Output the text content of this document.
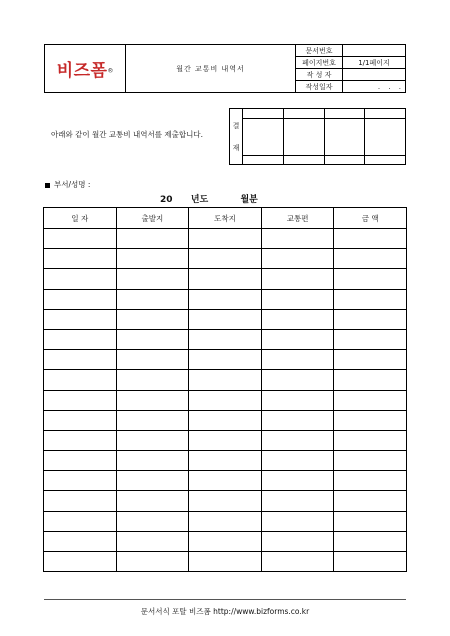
비즈폼®	월간 교통비 내역서	문서번호	
		페이지번호	1/1페이지
		작 성 자	
		작성일자	. . .
아래와 같이 월간 교통비 내역서를 제출합니다.
결
재				

부서/성명 :
20 년도	월분
일 자	출발지	도착지	교통편	금 액

문서서식 포탈 비즈폼 http://www.bizforms.co.kr
